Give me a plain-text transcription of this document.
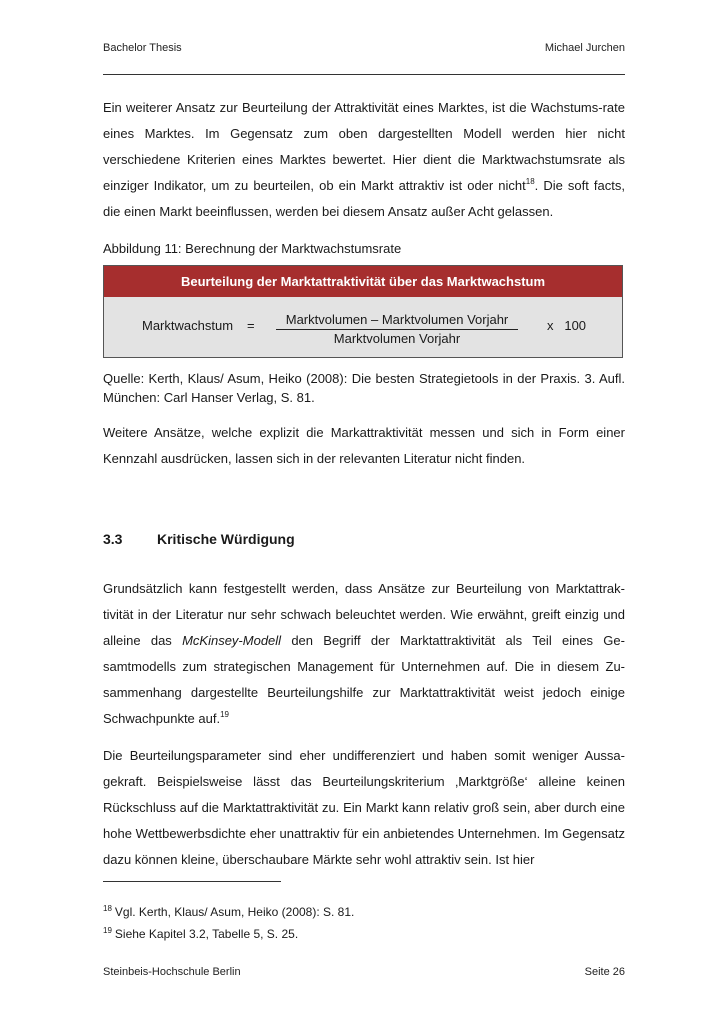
Bachelor Thesis	Michael Jurchen
Ein weiterer Ansatz zur Beurteilung der Attraktivität eines Marktes, ist die Wachstums-rate eines Marktes. Im Gegensatz zum oben dargestellten Modell werden hier nicht verschiedene Kriterien eines Marktes bewertet. Hier dient die Marktwachstumsrate als einziger Indikator, um zu beurteilen, ob ein Markt attraktiv ist oder nicht$^{18}$. Die soft facts, die einen Markt beeinflussen, werden bei diesem Ansatz außer Acht gelassen.
Abbildung 11: Berechnung der Marktwachstumsrate
Beurteilung der Marktattraktivität über das Marktwachstum
Marktwachstum =	Marktvolumen – Marktvolumen Vorjahr
Marktvolumen Vorjahr
x   100
Quelle: Kerth, Klaus/ Asum, Heiko (2008): Die besten Strategietools in der Praxis. 3. Aufl. München: Carl Hanser Verlag, S. 81.
Weitere Ansätze, welche explizit die Markattraktivität messen und sich in Form einer Kennzahl ausdrücken, lassen sich in der relevanten Literatur nicht finden.
3.3 Kritische Würdigung
Grundsätzlich kann festgestellt werden, dass Ansätze zur Beurteilung von Marktattrak-tivität in der Literatur nur sehr schwach beleuchtet werden. Wie erwähnt, greift einzig und alleine das McKinsey-Modell den Begriff der Marktattraktivität als Teil eines Ge-samtmodells zum strategischen Management für Unternehmen auf. Die in diesem Zu-sammenhang dargestellte Beurteilungshilfe zur Marktattraktivität weist jedoch einige Schwachpunkte auf.$^{19}$
Die Beurteilungsparameter sind eher undifferenziert und haben somit weniger Aussa-gekraft. Beispielsweise lässt das Beurteilungskriterium ‚Marktgröße‘ alleine keinen Rückschluss auf die Marktattraktivität zu. Ein Markt kann relativ groß sein, aber durch eine hohe Wettbewerbsdichte eher unattraktiv für ein anbietendes Unternehmen. Im Gegensatz dazu können kleine, überschaubare Märkte sehr wohl attraktiv sein. Ist hier
$^{18}$ Vgl. Kerth, Klaus/ Asum, Heiko (2008): S. 81.
$^{19}$ Siehe Kapitel 3.2, Tabelle 5, S. 25.
Steinbeis-Hochschule Berlin	Seite 26
